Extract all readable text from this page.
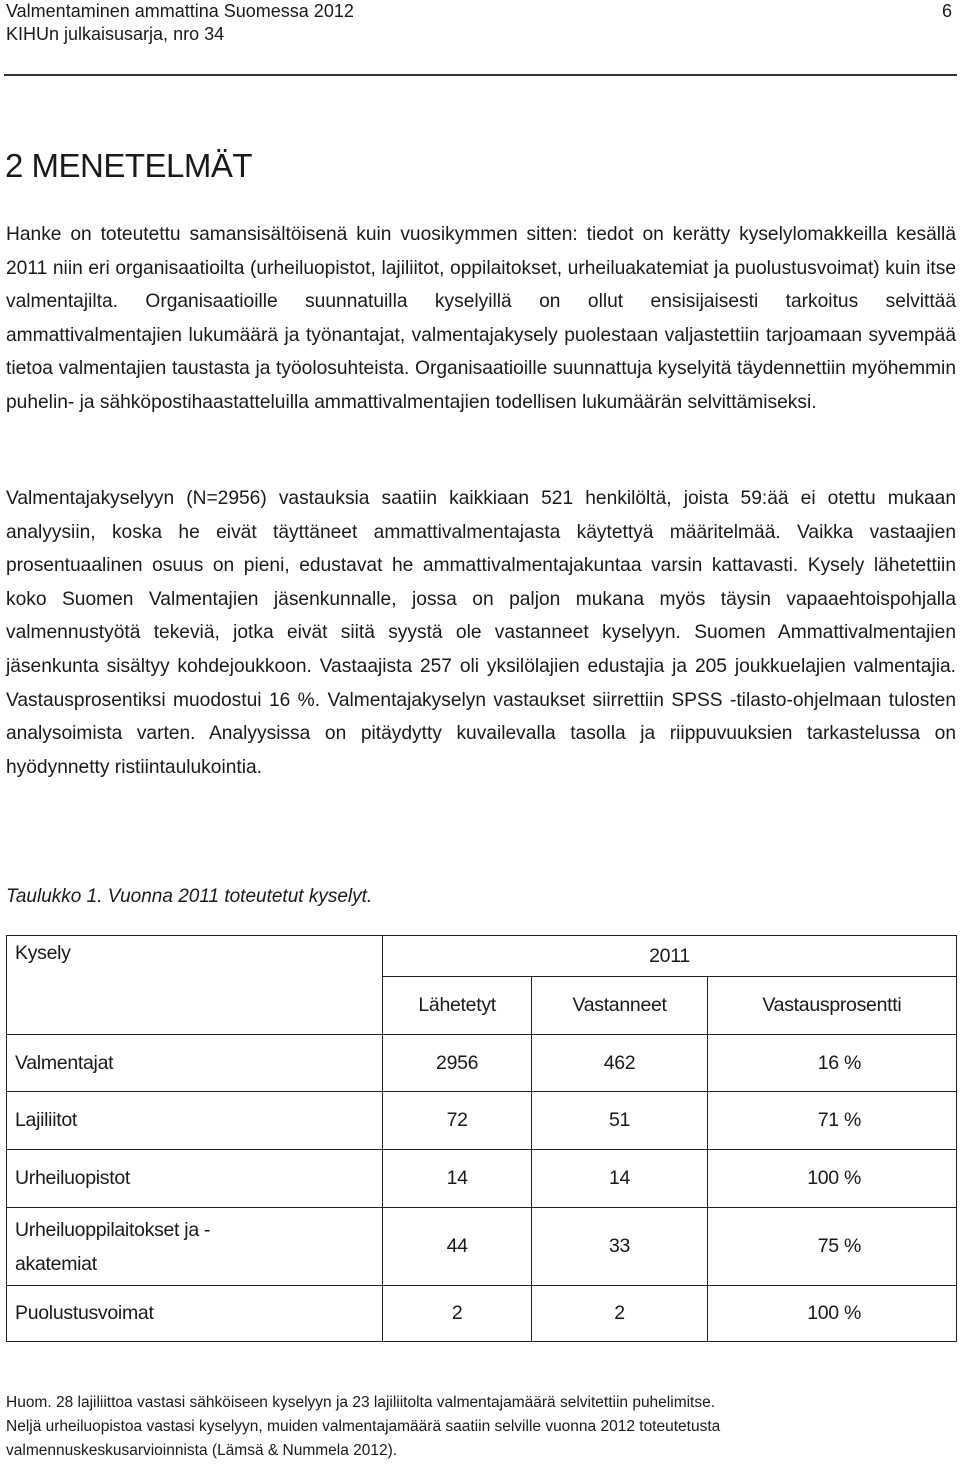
Valmentaminen ammattina Suomessa 2012
KIHUn julkaisusarja, nro 34
6
2 MENETELMÄT

Hanke on toteutettu samansisältöisenä kuin vuosikymmen sitten: tiedot on kerätty kyselylomakkeilla kesällä 2011 niin eri organisaatioilta (urheiluopistot, lajiliitot, oppilaitokset, urheiluakatemiat ja puolustusvoimat) kuin itse valmentajilta. Organisaatioille suunnatuilla kyselyillä on ollut ensisijaisesti tarkoitus selvittää ammattivalmentajien lukumäärä ja työnantajat, valmentajakysely puolestaan valjastettiin tarjoamaan syvempää tietoa valmentajien taustasta ja työolosuhteista. Organisaatioille suunnattuja kyselyitä täydennettiin myöhemmin puhelin- ja sähköpostihaastatteluilla ammattivalmentajien todellisen lukumäärän selvittämiseksi.

Valmentajakyselyyn (N=2956) vastauksia saatiin kaikkiaan 521 henkilöltä, joista 59:ää ei otettu mukaan analyysiin, koska he eivät täyttäneet ammattivalmentajasta käytettyä määritelmää. Vaikka vastaajien prosentuaalinen osuus on pieni, edustavat he ammattivalmentajakuntaa varsin kattavasti. Kysely lähetettiin koko Suomen Valmentajien jäsenkunnalle, jossa on paljon mukana myös täysin vapaaehtoispohjalla valmennustyötä tekeviä, jotka eivät siitä syystä ole vastanneet kyselyyn. Suomen Ammattivalmentajien jäsenkunta sisältyy kohdejoukkoon. Vastaajista 257 oli yksilölajien edustajia ja 205 joukkuelajien valmentajia. Vastausprosentiksi muodostui 16 %. Valmentajakyselyn vastaukset siirrettiin SPSS -tilasto-ohjelmaan tulosten analysoimista varten. Analyysissa on pitäydytty kuvailevalla tasolla ja riippuvuuksien tarkastelussa on hyödynnetty ristiintaulukointia.

Taulukko 1. Vuonna 2011 toteutetut kyselyt.
Kysely	2011		
	Lähetetyt	Vastanneet	Vastausprosentti
Valmentajat	2956	462	16 %
Lajiliitot	72	51	71 %
Urheiluopistot	14	14	100 %
Urheiluoppilaitokset ja -
akatemiat	44	33	75 %
Puolustusvoimat	2	2	100 %
Huom. 28 lajiliittoa vastasi sähköiseen kyselyyn ja 23 lajiliitolta valmentajamäärä selvitettiin puhelimitse.
Neljä urheiluopistoa vastasi kyselyyn, muiden valmentajamäärä saatiin selville vuonna 2012 toteutetusta
valmennuskeskusarvioinnista (Lämsä & Nummela 2012).
